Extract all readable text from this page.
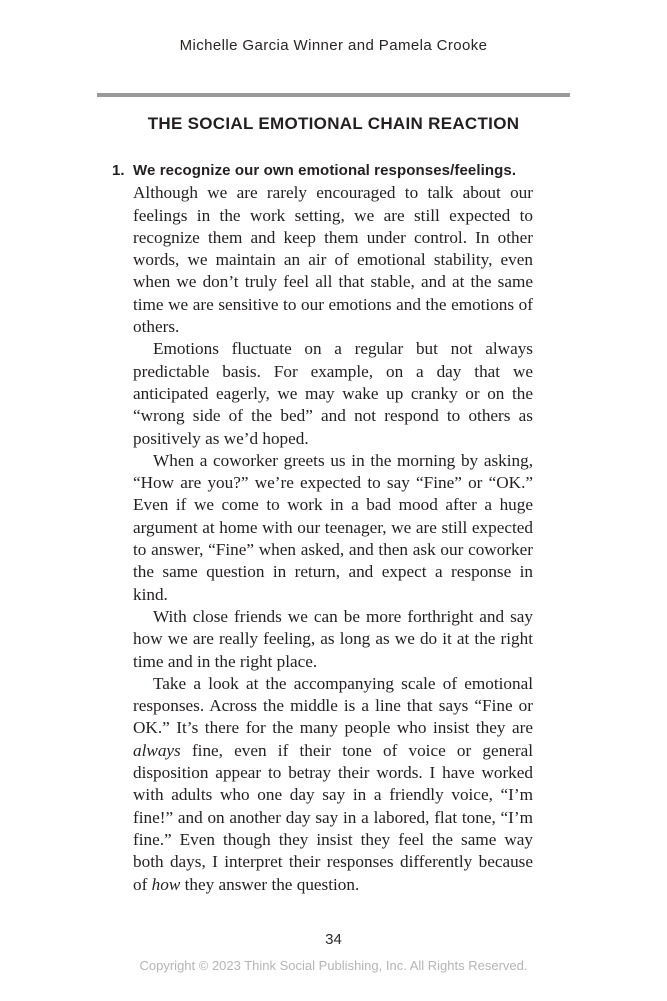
Michelle Garcia Winner and Pamela Crooke
THE SOCIAL EMOTIONAL CHAIN REACTION
1. We recognize our own emotional responses/feelings.

Although we are rarely encouraged to talk about our feelings in the work setting, we are still expected to recognize them and keep them under control. In other words, we maintain an air of emotional stability, even when we don’t truly feel all that stable, and at the same time we are sensitive to our emotions and the emotions of others.

Emotions fluctuate on a regular but not always predictable basis. For example, on a day that we anticipated eagerly, we may wake up cranky or on the “wrong side of the bed” and not respond to others as positively as we’d hoped.

When a coworker greets us in the morning by asking, “How are you?” we’re expected to say “Fine” or “OK.” Even if we come to work in a bad mood after a huge argument at home with our teenager, we are still expected to answer, “Fine” when asked, and then ask our coworker the same question in return, and expect a response in kind.

With close friends we can be more forthright and say how we are really feeling, as long as we do it at the right time and in the right place.

Take a look at the accompanying scale of emotional responses. Across the middle is a line that says “Fine or OK.” It’s there for the many people who insist they are always fine, even if their tone of voice or general disposition appear to betray their words. I have worked with adults who one day say in a friendly voice, “I’m fine!” and on another day say in a labored, flat tone, “I’m fine.” Even though they insist they feel the same way both days, I interpret their responses differently because of how they answer the question.

34
Copyright © 2023 Think Social Publishing, Inc. All Rights Reserved.
